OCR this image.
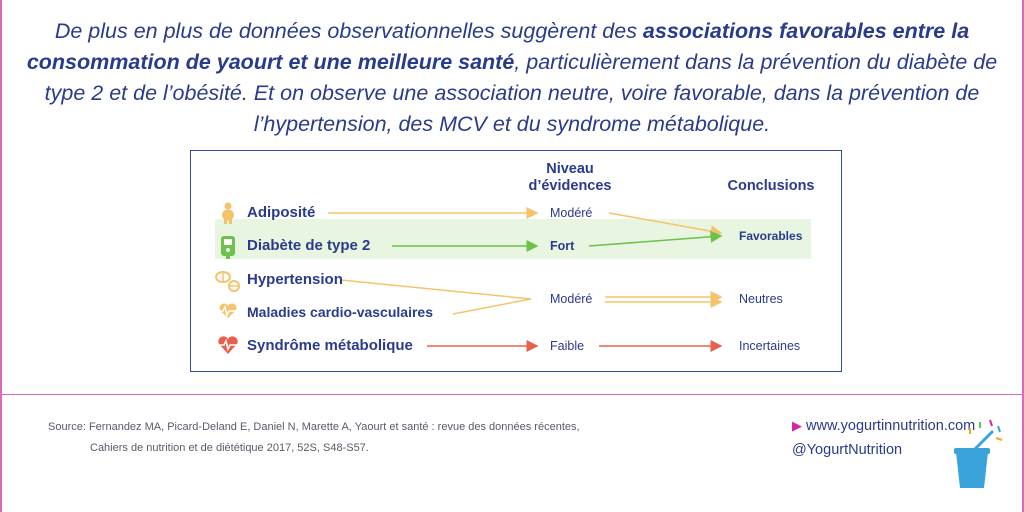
De plus en plus de données observationnelles suggèrent des associations favorables entre la consommation de yaourt et une meilleure santé, particulièrement dans la prévention du diabète de type 2 et de l’obésité. Et on observe une association neutre, voire favorable, dans la prévention de l’hypertension, des MCV et du syndrome métabolique.
Niveau
d’évidences	Conclusions
Adiposité
Diabète de type 2
Hypertension
Maladies cardio-vasculaires
Syndrôme métabolique
Modéré
Fort
Modéré
Faible
Favorables
Neutres
Incertaines
Source: Fernandez MA, Picard-Deland E, Daniel N, Marette A, Yaourt et santé : revue des données récentes,
Cahiers de nutrition et de diététique 2017, 52S, S48-S57.
▶ www.yogurtinnutrition.com
@YogurtNutrition
